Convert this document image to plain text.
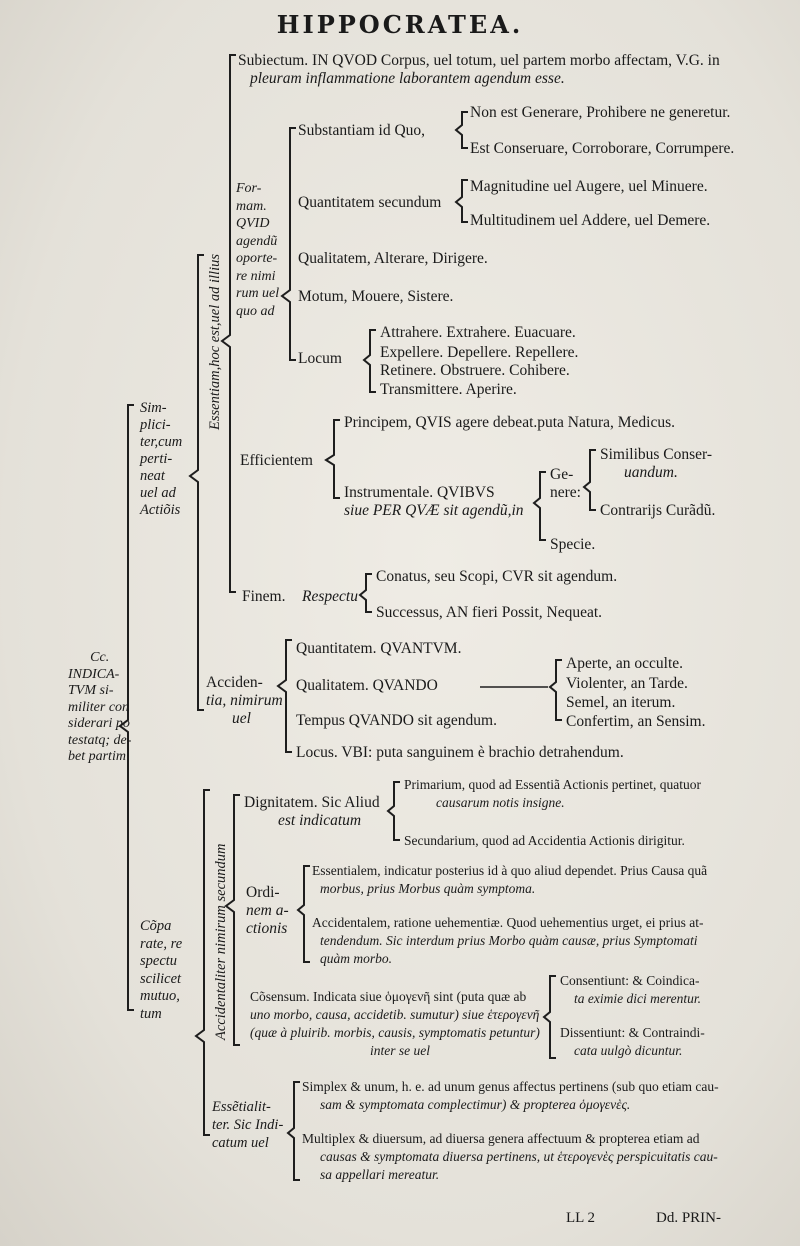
HIPPOCRATEA.
Cc.
INDICA-
TVM si-
militer con
siderari po
testatq; de-
bet partim
Sim-
plici-
ter,cum
perti-
neat
uel ad
Actiõis
Essentiam,hoc est,uel ad illius
Subiectum. IN QVOD Corpus, uel totum, uel partem morbo affectam, V.G. in
pleuram inflammatione laborantem agendum esse.
For-
mam.
QVID
agendũ
oporte-
re nimi
rum uel
quo ad
Substantiam id Quo,
Non est Generare, Prohibere ne generetur.
Est Conseruare, Corroborare, Corrumpere.
Quantitatem secundum
Magnitudine uel Augere, uel Minuere.
Multitudinem uel Addere, uel Demere.
Qualitatem, Alterare, Dirigere.
Motum, Mouere, Sistere.
Locum
Attrahere. Extrahere. Euacuare.
Expellere. Depellere. Repellere.
Retinere. Obstruere. Cohibere.
Transmittere. Aperire.
Efficientem
Principem, QVIS agere debeat.puta Natura, Medicus.
Instrumentale. QVIBVS
siue PER QVÆ sit agendũ,in
Ge-
nere:
Similibus Conser-
uandum.
Contrarijs Curãdũ.
Specie.
Finem. Respectu
Conatus, seu Scopi, CVR sit agendum.
Successus, AN fieri Possit, Nequeat.
Acciden-
tia, nimirum
uel
Quantitatem. QVANTVM.
Qualitatem. QVANDO
Aperte, an occulte.
Violenter, an Tarde.
Semel, an iterum.
Confertim, an Sensim.
Tempus QVANDO sit agendum.
Locus. VBI: puta sanguinem è brachio detrahendum.
Cõpa
rate, re
spectu
scilicet
mutuo,
tum	Accidentaliter nimirum secundum
Dignitatem. Sic Aliud
est indicatum
Primarium, quod ad Essentiã Actionis pertinet, quatuor
causarum notis insigne.
Secundarium, quod ad Accidentia Actionis dirigitur.
Ordi-
nem a-
ctionis
Essentialem, indicatur posterius id à quo aliud dependet. Prius Causa quã
morbus, prius Morbus quàm symptoma.
Accidentalem, ratione uehementiæ. Quod uehementius urget, ei prius at-
tendendum. Sic interdum prius Morbo quàm causæ, prius Symptomati
quàm morbo.
Cõsensum. Indicata siue ὁμογενῆ sint (puta quæ ab
uno morbo, causa, accidetib. sumutur) siue ἑτερογενῆ
(quæ à pluirib. morbis, causis, symptomatis petuntur)
inter se uel
Consentiunt: & Coindica-
ta eximie dici merentur.
Dissentiunt: & Contraindi-
cata uulgò dicuntur.
Essẽtialit-
ter. Sic Indi-
catum uel
Simplex & unum, h. e. ad unum genus affectus pertinens (sub quo etiam cau-
sam & symptomata complectimur) & propterea ὁμογενὲς.
Multiplex & diuersum, ad diuersa genera affectuum & propterea etiam ad
causas & symptomata diuersa pertinens, ut ἑτερογενὲς perspicuitatis cau-
sa appellari mereatur.
LL 2	Dd. PRIN-
